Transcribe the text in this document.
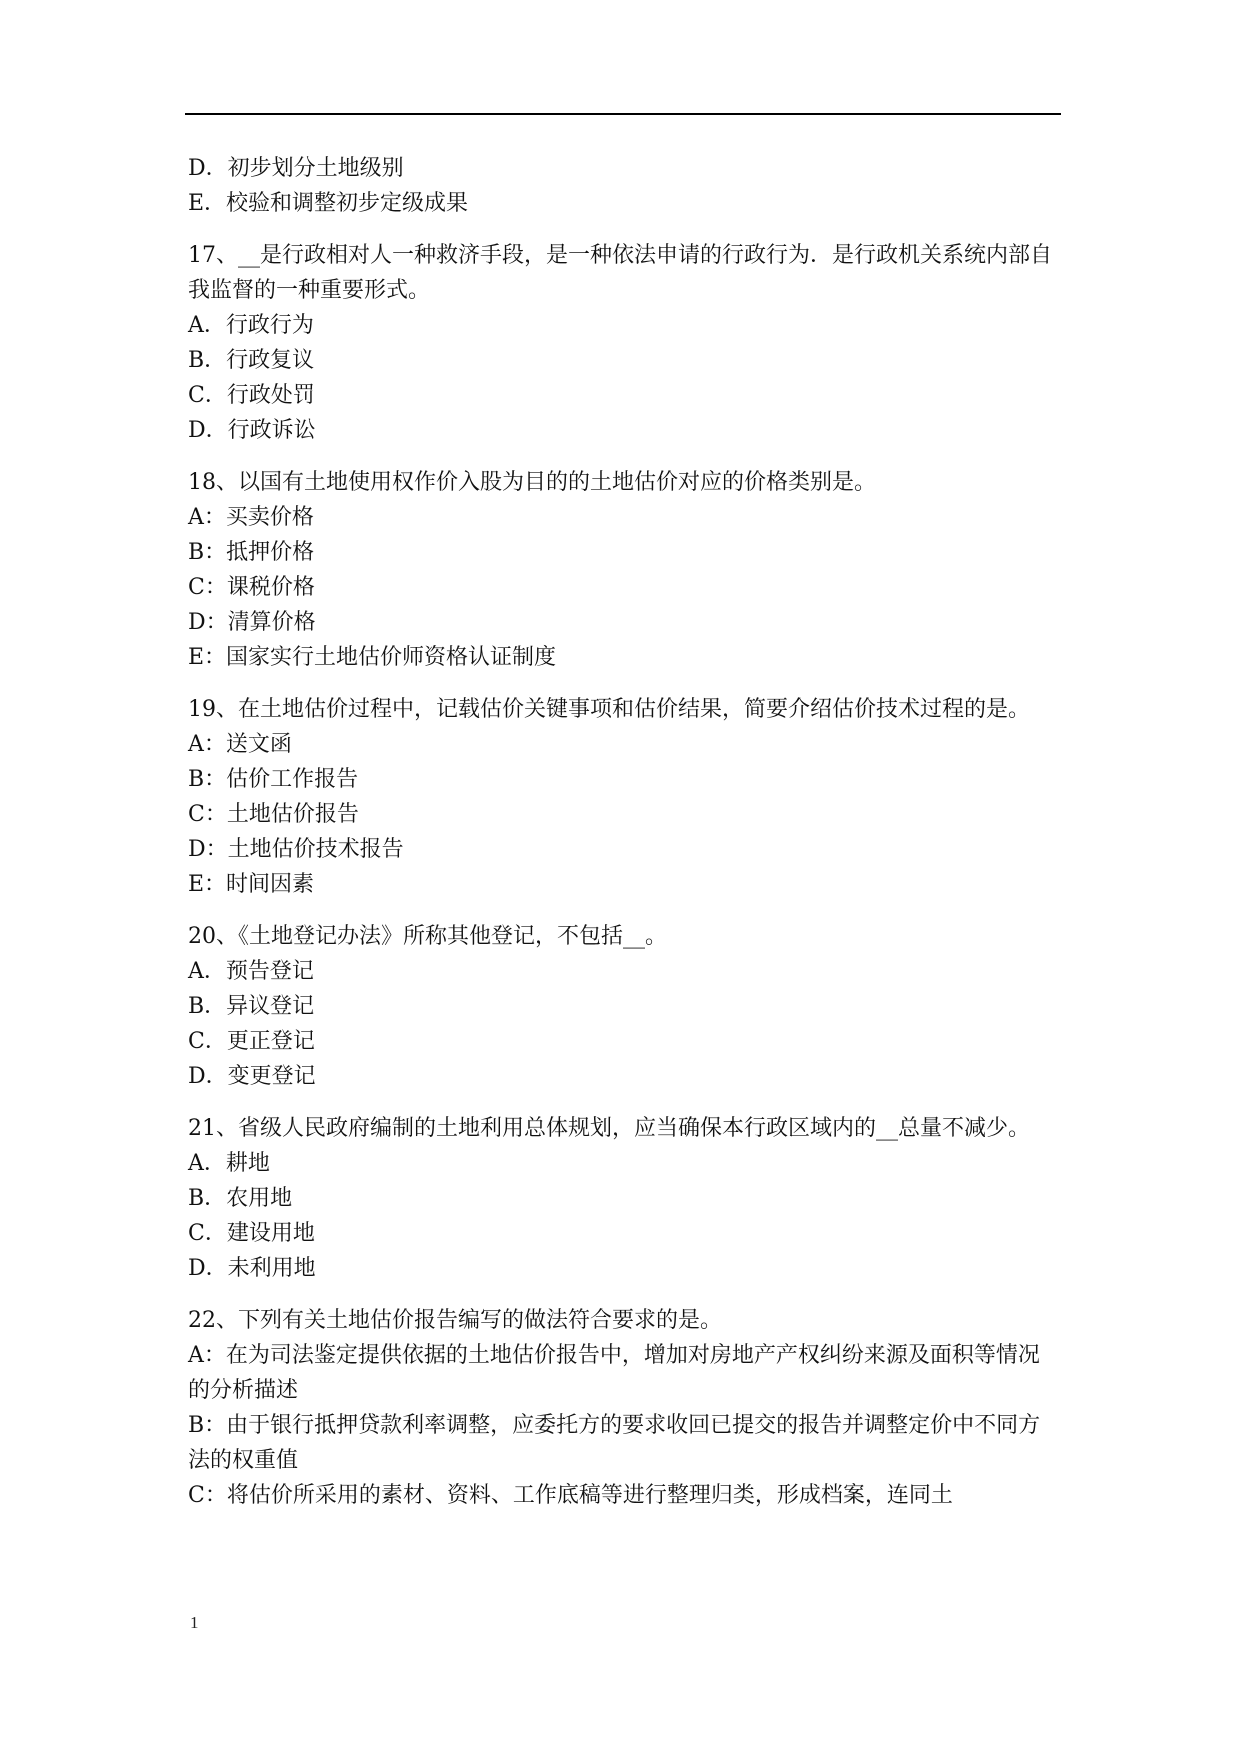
D．初步划分土地级别
E．校验和调整初步定级成果
17、__是行政相对人一种救济手段，是一种依法申请的行政行为．是行政机关系统内部自我监督的一种重要形式。
A．行政行为
B．行政复议
C．行政处罚
D．行政诉讼
18、以国有土地使用权作价入股为目的的土地估价对应的价格类别是。
A：买卖价格
B：抵押价格
C：课税价格
D：清算价格
E：国家实行土地估价师资格认证制度
19、在土地估价过程中，记载估价关键事项和估价结果，简要介绍估价技术过程的是。
A：送文函
B：估价工作报告
C：土地估价报告
D：土地估价技术报告
E：时间因素
20、《土地登记办法》所称其他登记，不包括__。
A．预告登记
B．异议登记
C．更正登记
D．变更登记
21、省级人民政府编制的土地利用总体规划，应当确保本行政区域内的__总量不减少。
A．耕地
B．农用地
C．建设用地
D．未利用地
22、下列有关土地估价报告编写的做法符合要求的是。
A：在为司法鉴定提供依据的土地估价报告中，增加对房地产产权纠纷来源及面积等情况的分析描述
B：由于银行抵押贷款利率调整，应委托方的要求收回已提交的报告并调整定价中不同方法的权重值
C：将估价所采用的素材、资料、工作底稿等进行整理归类，形成档案，连同土
1
